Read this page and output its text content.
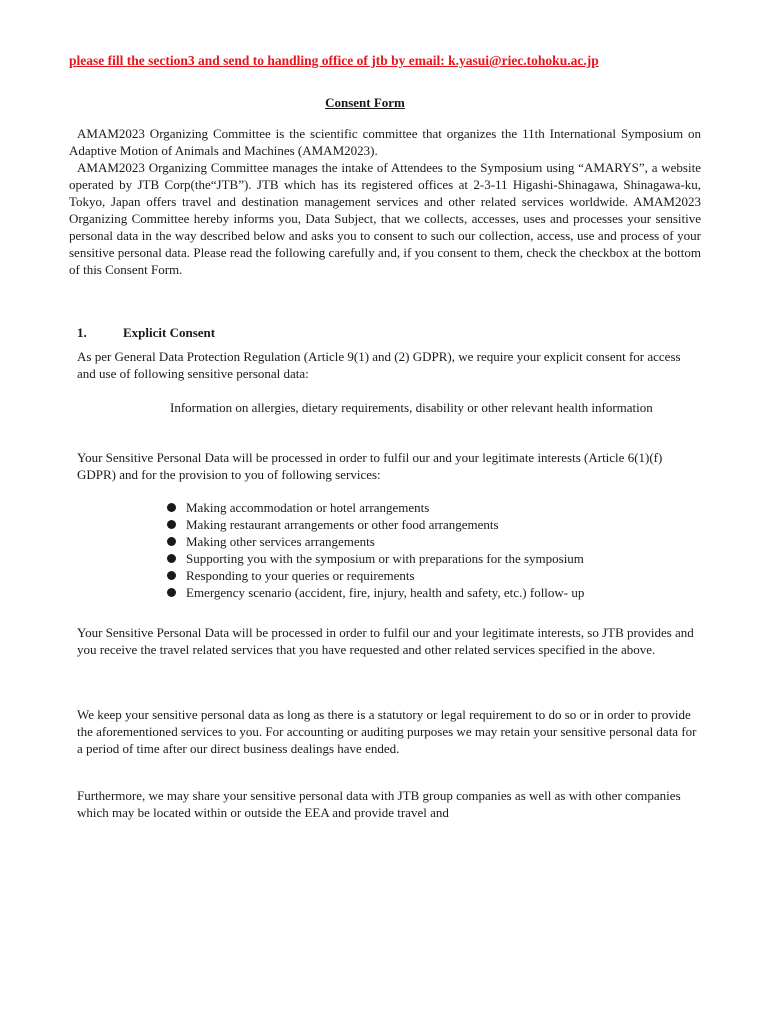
please fill the section3 and send to handling office of jtb by email: k.yasui@riec.tohoku.ac.jp
Consent Form

AMAM2023 Organizing Committee is the scientific committee that organizes the 11th International Symposium on Adaptive Motion of Animals and Machines (AMAM2023).

AMAM2023 Organizing Committee manages the intake of Attendees to the Symposium using “AMARYS”, a website operated by JTB Corp(the“JTB”). JTB which has its registered offices at 2-3-11 Higashi-Shinagawa, Shinagawa-ku, Tokyo, Japan offers travel and destination management services and other related services worldwide. AMAM2023 Organizing Committee hereby informs you, Data Subject, that we collects, accesses, uses and processes your sensitive personal data in the way described below and asks you to consent to such our collection, access, use and process of your sensitive personal data. Please read the following carefully and, if you consent to them, check the checkbox at the bottom of this Consent Form.

1.	Explicit Consent

As per General Data Protection Regulation (Article 9(1) and (2) GDPR), we require your explicit consent for access and use of following sensitive personal data:

Information on allergies, dietary requirements, disability or other relevant health information

Your Sensitive Personal Data will be processed in order to fulfil our and your legitimate interests (Article 6(1)(f) GDPR) and for the provision to you of following services:

Making accommodation or hotel arrangements
Making restaurant arrangements or other food arrangements
Making other services arrangements
Supporting you with the symposium or with preparations for the symposium
Responding to your queries or requirements
Emergency scenario (accident, fire, injury, health and safety, etc.) follow- up

Your Sensitive Personal Data will be processed in order to fulfil our and your legitimate interests, so JTB provides and you receive the travel related services that you have requested and other related services specified in the above.

We keep your sensitive personal data as long as there is a statutory or legal requirement to do so or in order to provide the aforementioned services to you. For accounting or auditing purposes we may retain your sensitive personal data for a period of time after our direct business dealings have ended.

Furthermore, we may share your sensitive personal data with JTB group companies as well as with other companies which may be located within or outside the EEA and provide travel and
